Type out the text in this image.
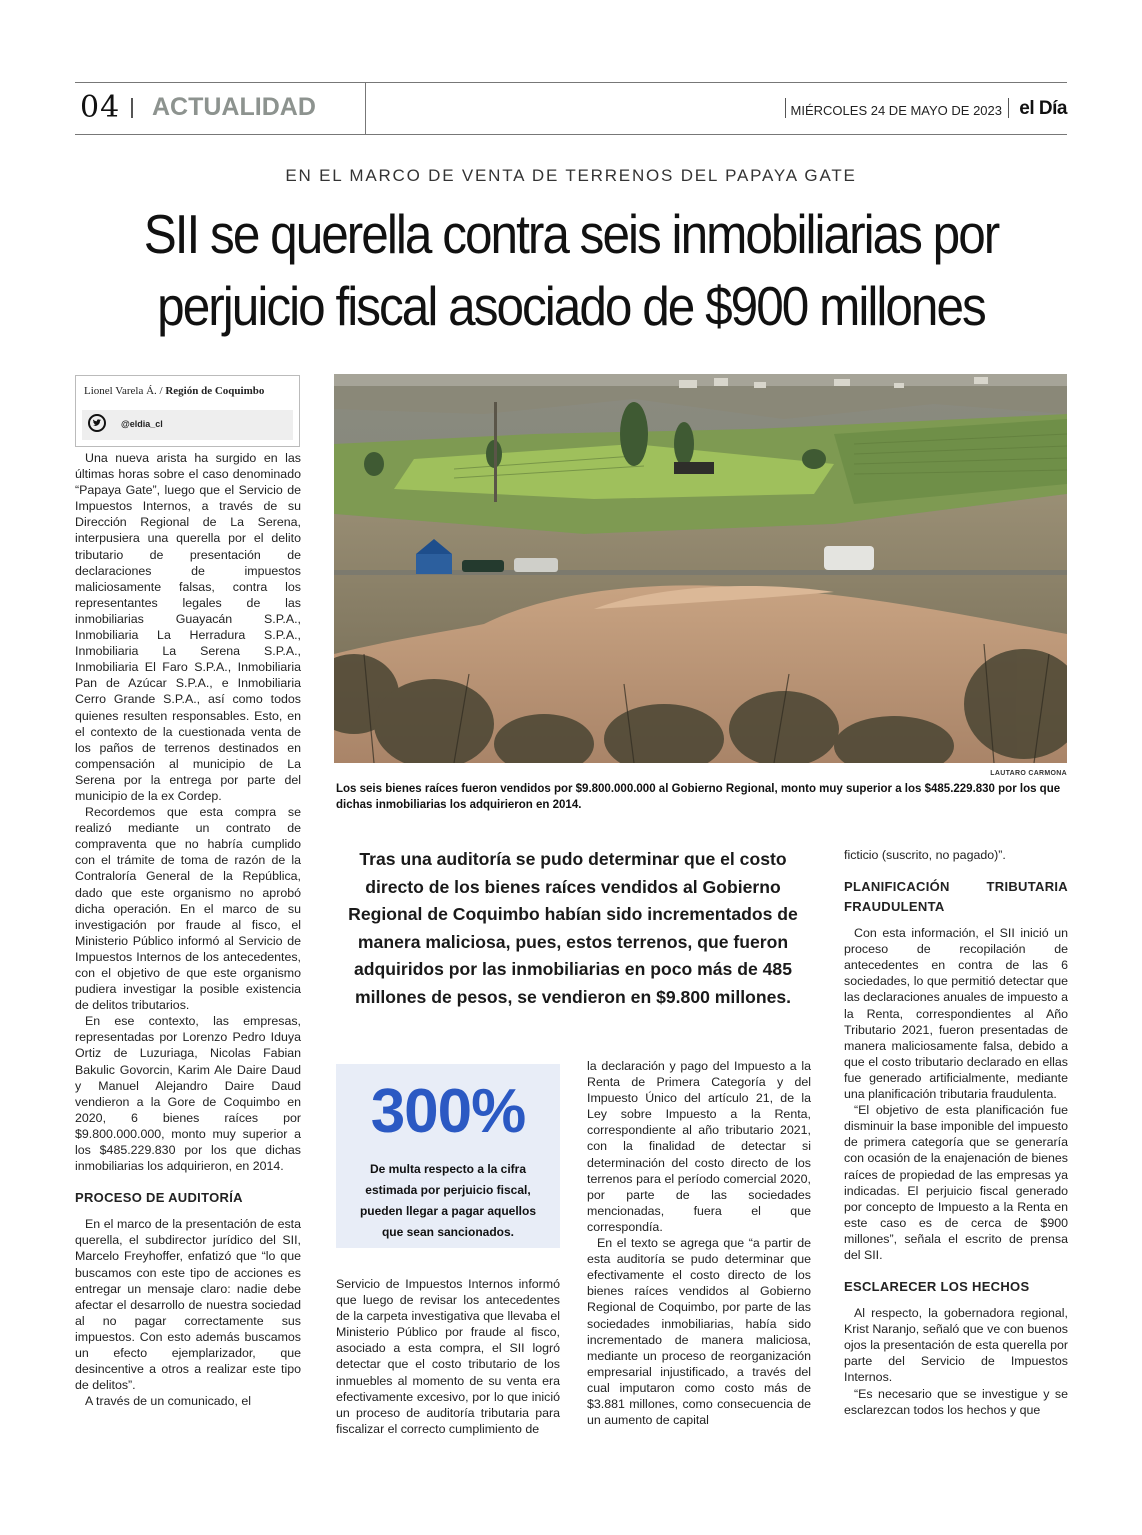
04 ACTUALIDAD	MIÉRCOLES 24 DE MAYO DE 2023 el Día
EN EL MARCO DE VENTA DE TERRENOS DEL PAPAYA GATE
SII se querella contra seis inmobiliarias por perjuicio fiscal asociado de $900 millones
Lionel Varela Á. / Región de Coquimbo
@eldia_cl
LAUTARO CARMONA
Los seis bienes raíces fueron vendidos por $9.800.000.000 al Gobierno Regional, monto muy superior a los $485.229.830 por los que dichas inmobiliarias los adquirieron en 2014.

Una nueva arista ha surgido en las últimas horas sobre el caso denominado “Papaya Gate”, luego que el Servicio de Impuestos Internos, a través de su Dirección Regional de La Serena, interpusiera una querella por el delito tributario de presentación de declaraciones de impuestos maliciosamente falsas, contra los representantes legales de las inmobiliarias Guayacán S.P.A., Inmobiliaria La Herradura S.P.A., Inmobiliaria La Serena S.P.A., Inmobiliaria El Faro S.P.A., Inmobiliaria Pan de Azúcar S.P.A., e Inmobiliaria Cerro Grande S.P.A., así como todos quienes resulten responsables. Esto, en el contexto de la cuestionada venta de los paños de terrenos destinados en compensación al municipio de La Serena por la entrega por parte del municipio de la ex Cordep.

Recordemos que esta compra se realizó mediante un contrato de compraventa que no habría cumplido con el trámite de toma de razón de la Contraloría General de la República, dado que este organismo no aprobó dicha operación. En el marco de su investigación por fraude al fisco, el Ministerio Público informó al Servicio de Impuestos Internos de los antecedentes, con el objetivo de que este organismo pudiera investigar la posible existencia de delitos tributarios.

En ese contexto, las empresas, representadas por Lorenzo Pedro Iduya Ortiz de Luzuriaga, Nicolas Fabian Bakulic Govorcin, Karim Ale Daire Daud y Manuel Alejandro Daire Daud vendieron a la Gore de Coquimbo en 2020, 6 bienes raíces por $9.800.000.000, monto muy superior a los $485.229.830 por los que dichas inmobiliarias los adquirieron, en 2014.

PROCESO DE AUDITORÍA

En el marco de la presentación de esta querella, el subdirector jurídico del SII, Marcelo Freyhoffer, enfatizó que “lo que buscamos con este tipo de acciones es entregar un mensaje claro: nadie debe afectar el desarrollo de nuestra sociedad al no pagar correctamente sus impuestos. Con esto además buscamos un efecto ejemplarizador, que desincentive a otros a realizar este tipo de delitos”.

A través de un comunicado, el

Tras una auditoría se pudo determinar que el costo directo de los bienes raíces vendidos al Gobierno Regional de Coquimbo habían sido incrementados de manera maliciosa, pues, estos terrenos, que fueron adquiridos por las inmobiliarias en poco más de 485 millones de pesos, se vendieron en $9.800 millones.
300%
De multa respecto a la cifra estimada por perjuicio fiscal, pueden llegar a pagar aquellos que sean sancionados.

Servicio de Impuestos Internos informó que luego de revisar los antecedentes de la carpeta investigativa que llevaba el Ministerio Público por fraude al fisco, asociado a esta compra, el SII logró detectar que el costo tributario de los inmuebles al momento de su venta era efectivamente excesivo, por lo que inició un proceso de auditoría tributaria para fiscalizar el correcto cumplimiento de

la declaración y pago del Impuesto a la Renta de Primera Categoría y del Impuesto Único del artículo 21, de la Ley sobre Impuesto a la Renta, correspondiente al año tributario 2021, con la finalidad de detectar si determinación del costo directo de los terrenos para el período comercial 2020, por parte de las sociedades mencionadas, fuera el que correspondía.

En el texto se agrega que “a partir de esta auditoría se pudo determinar que efectivamente el costo directo de los bienes raíces vendidos al Gobierno Regional de Coquimbo, por parte de las sociedades inmobiliarias, había sido incrementado de manera maliciosa, mediante un proceso de reorganización empresarial injustificado, a través del cual imputaron como costo más de $3.881 millones, como consecuencia de un aumento de capital

ficticio (suscrito, no pagado)”.

PLANIFICACIÓN TRIBUTARIA FRAUDULENTA

Con esta información, el SII inició un proceso de recopilación de antecedentes en contra de las 6 sociedades, lo que permitió detectar que las declaraciones anuales de impuesto a la Renta, correspondientes al Año Tributario 2021, fueron presentadas de manera maliciosamente falsa, debido a que el costo tributario declarado en ellas fue generado artificialmente, mediante una planificación tributaria fraudulenta.

“El objetivo de esta planificación fue disminuir la base imponible del impuesto de primera categoría que se generaría con ocasión de la enajenación de bienes raíces de propiedad de las empresas ya indicadas. El perjuicio fiscal generado por concepto de Impuesto a la Renta en este caso es de cerca de $900 millones”, señala el escrito de prensa del SII.

ESCLARECER LOS HECHOS

Al respecto, la gobernadora regional, Krist Naranjo, señaló que ve con buenos ojos la presentación de esta querella por parte del Servicio de Impuestos Internos.

“Es necesario que se investigue y se esclarezcan todos los hechos y que
